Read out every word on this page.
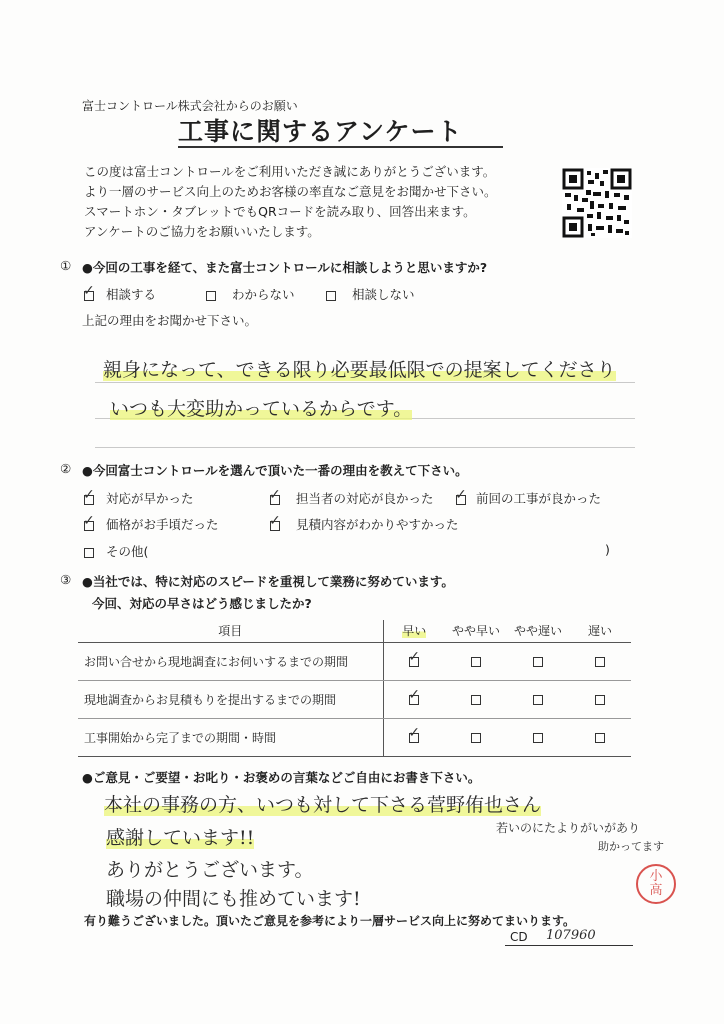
富士コントロール株式会社からのお願い
工事に関するアンケート
この度は富士コントロールをご利用いただき誠にありがとうございます。
より一層のサービス向上のためお客様の率直なご意見をお聞かせ下さい。
スマートホン・タブレットでもQRコードを読み取り、回答出来ます。
アンケートのご協力をお願いいたします。
① ●今回の工事を経て、また富士コントロールに相談しようと思いますか?
✓ 相談する	わからない	相談しない
上記の理由をお聞かせ下さい。
親身になって、できる限り必要最低限での提案してくださり
いつも大変助かっているからです。
② ●今回富士コントロールを選んで頂いた一番の理由を教えて下さい。
✓ 対応が早かった ✓	担当者の対応が良かった ✓	前回の工事が良かった
✓ 価格がお手頃だった ✓	見積内容がわかりやすかった
その他(	)
③ ●当社では、特に対応のスピードを重視して業務に努めています。
今回、対応の早さはどう感じましたか?
項目	早い	やや早い	やや遅い	遅い
お問い合せから現地調査にお伺いするまでの期間	✓			
現地調査からお見積もりを提出するまでの期間	✓			
工事開始から完了までの期間・時間	✓			
●ご意見・ご要望・お叱り・お褒めの言葉などご自由にお書き下さい。
本社の事務の方、いつも対して下さる菅野侑也さん
感謝しています!!	若いのにたよりがいがあり
助かってます
ありがとうございます。
職場の仲間にも推めています!
小
高
有り難うございました。頂いたご意見を参考により一層サービス向上に努めてまいります。
CD 107960
